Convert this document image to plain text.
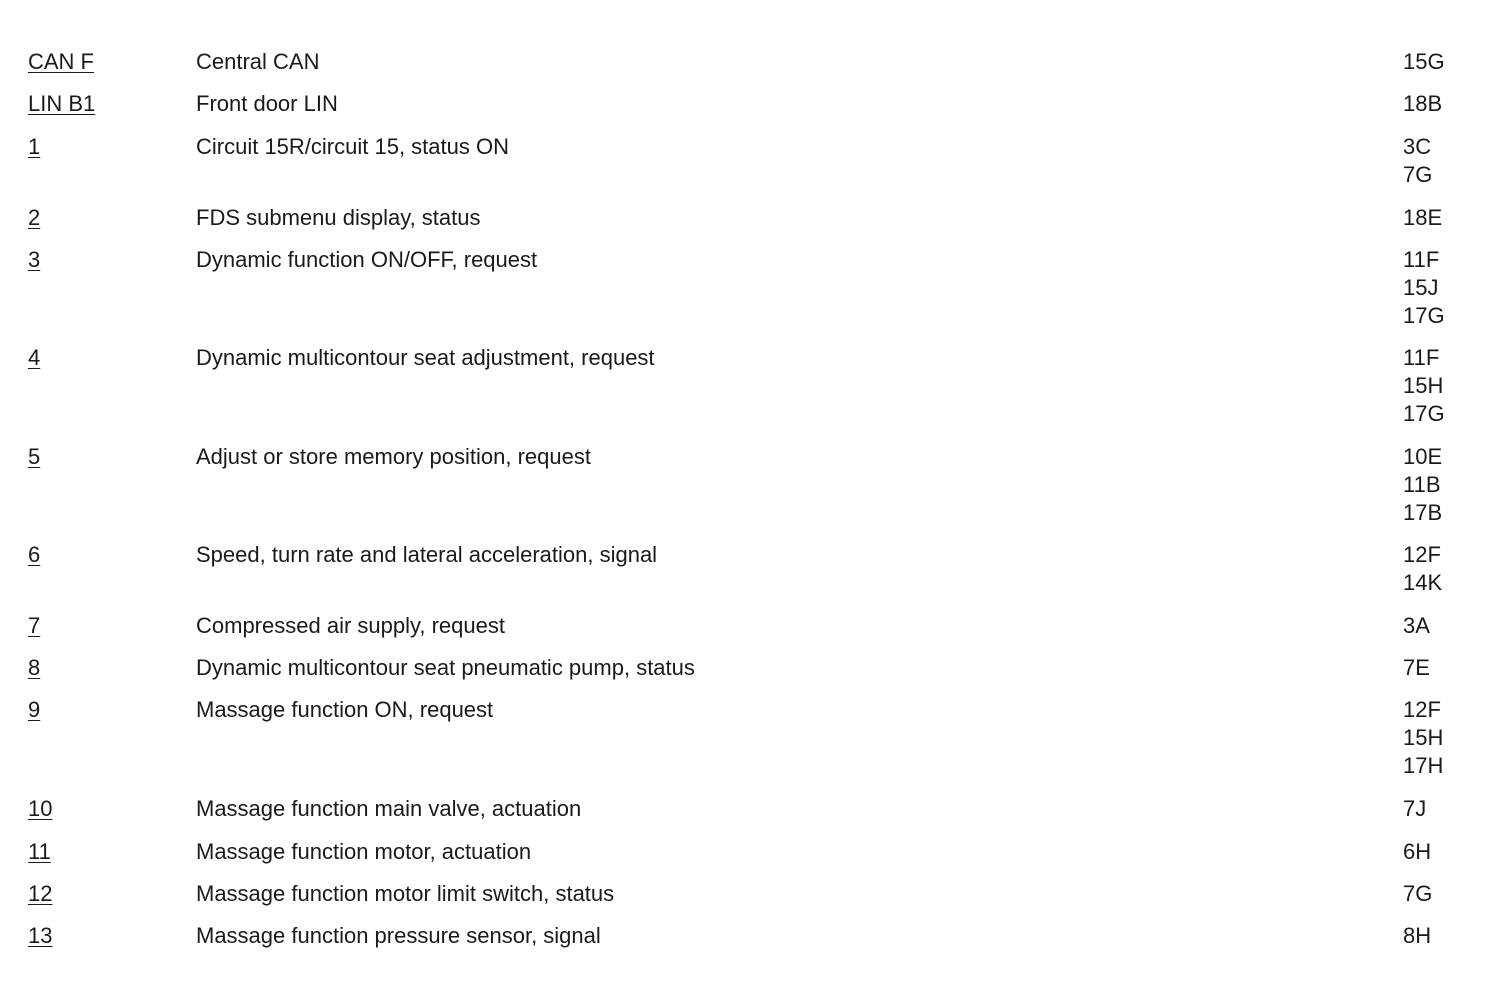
CAN F	Central CAN	15G
LIN B1	Front door LIN	18B
1	Circuit 15R/circuit 15, status ON	3C
7G
2	FDS submenu display, status	18E
3	Dynamic function ON/OFF, request	11F
15J
17G
4	Dynamic multicontour seat adjustment, request	11F
15H
17G
5	Adjust or store memory position, request	10E
11B
17B
6	Speed, turn rate and lateral acceleration, signal	12F
14K
7	Compressed air supply, request	3A
8	Dynamic multicontour seat pneumatic pump, status	7E
9	Massage function ON, request	12F
15H
17H
10	Massage function main valve, actuation	7J
11	Massage function motor, actuation	6H
12	Massage function motor limit switch, status	7G
13	Massage function pressure sensor, signal	8H
